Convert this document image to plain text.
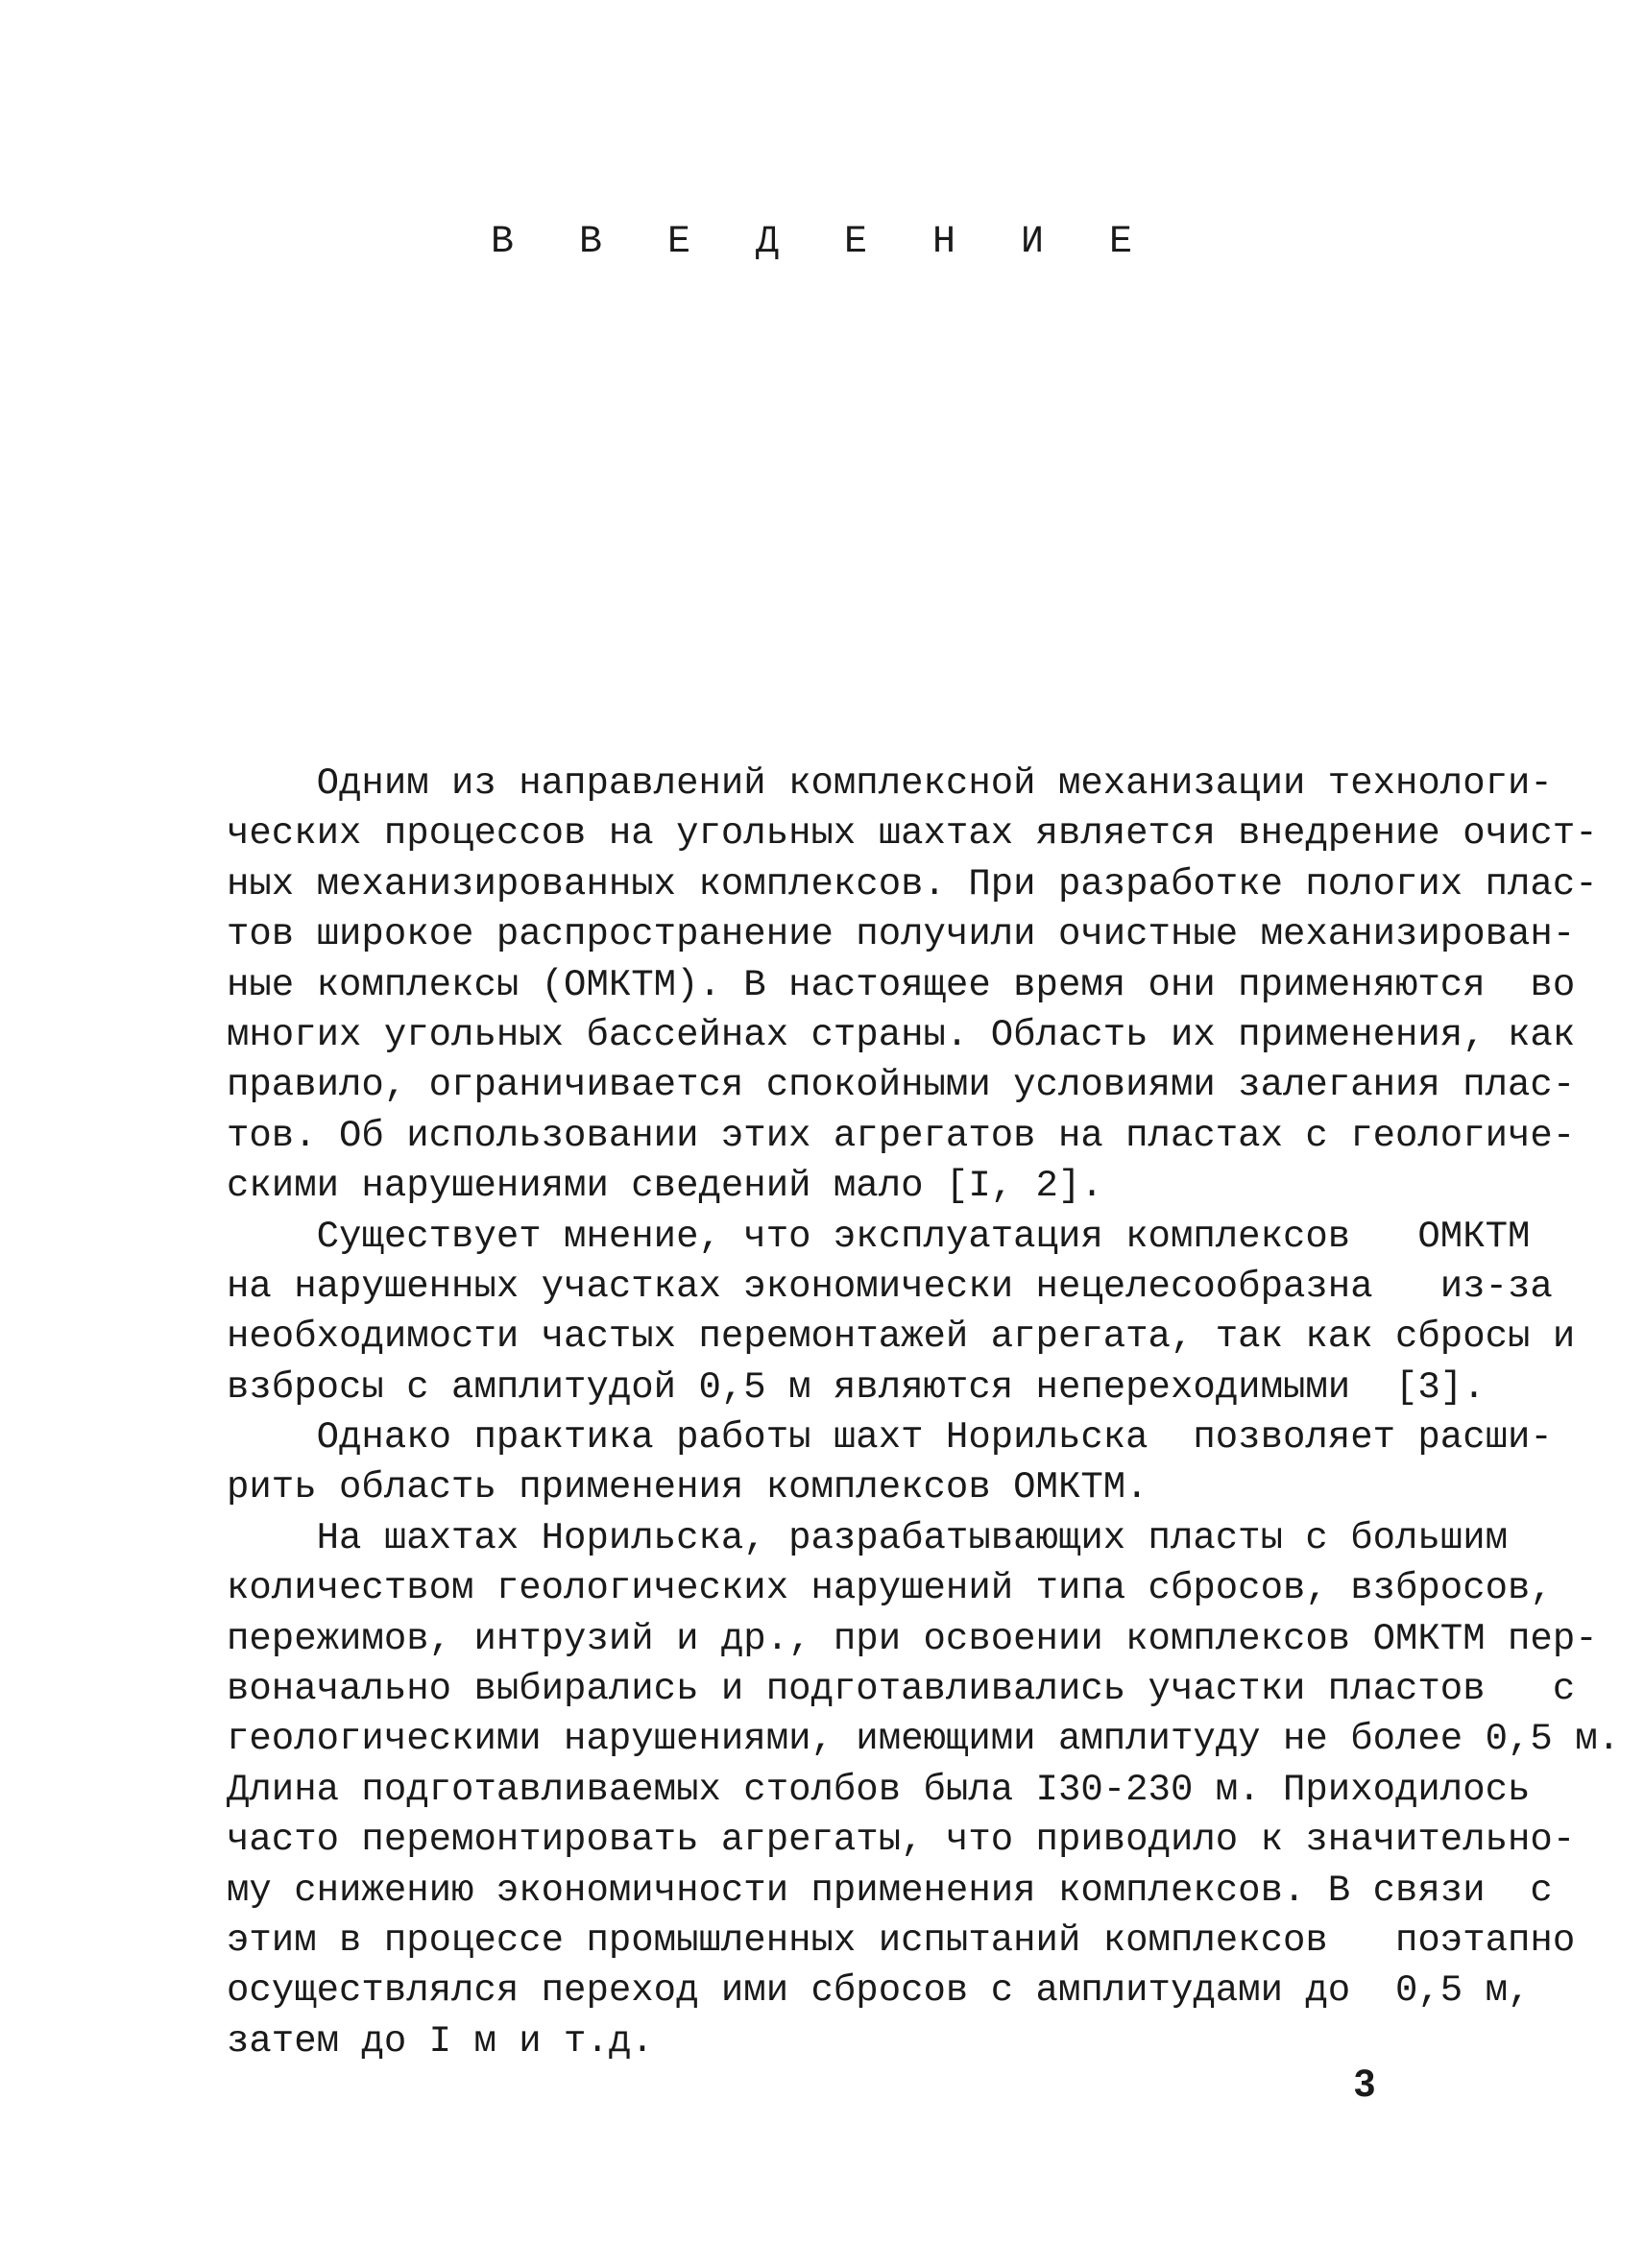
В В Е Д Е Н И Е
Одним из направлений комплексной механизации технологи-
ческих процессов на угольных шахтах является внедрение очист-
ных механизированных комплексов. При разработке пологих плас-
тов широкое распространение получили очистные механизирован-
ные комплексы (ОМКТМ). В настоящее время они применяются  во
многих угольных бассейнах страны. Область их применения, как
правило, ограничивается спокойными условиями залегания плас-
тов. Об использовании этих агрегатов на пластах с геологиче-
скими нарушениями сведений мало [I, 2].
Существует мнение, что эксплуатация комплексов   ОМКТМ
на нарушенных участках экономически нецелесообразна   из-за
необходимости частых перемонтажей агрегата, так как сбросы и
взбросы с амплитудой 0,5 м являются непереходимыми  [3].
Однако практика работы шахт Норильска  позволяет расши-
рить область применения комплексов ОМКТМ.
На шахтах Норильска, разрабатывающих пласты с большим
количеством геологических нарушений типа сбросов, взбросов,
пережимов, интрузий и др., при освоении комплексов ОМКТМ пер-
воначально выбирались и подготавливались участки пластов   с
геологическими нарушениями, имеющими амплитуду не более 0,5 м.
Длина подготавливаемых столбов была I30-230 м. Приходилось
часто перемонтировать агрегаты, что приводило к значительно-
му снижению экономичности применения комплексов. В связи  с
этим в процессе промышленных испытаний комплексов   поэтапно
осуществлялся переход ими сбросов с амплитудами до  0,5 м,
затем до I м и т.д.
3
